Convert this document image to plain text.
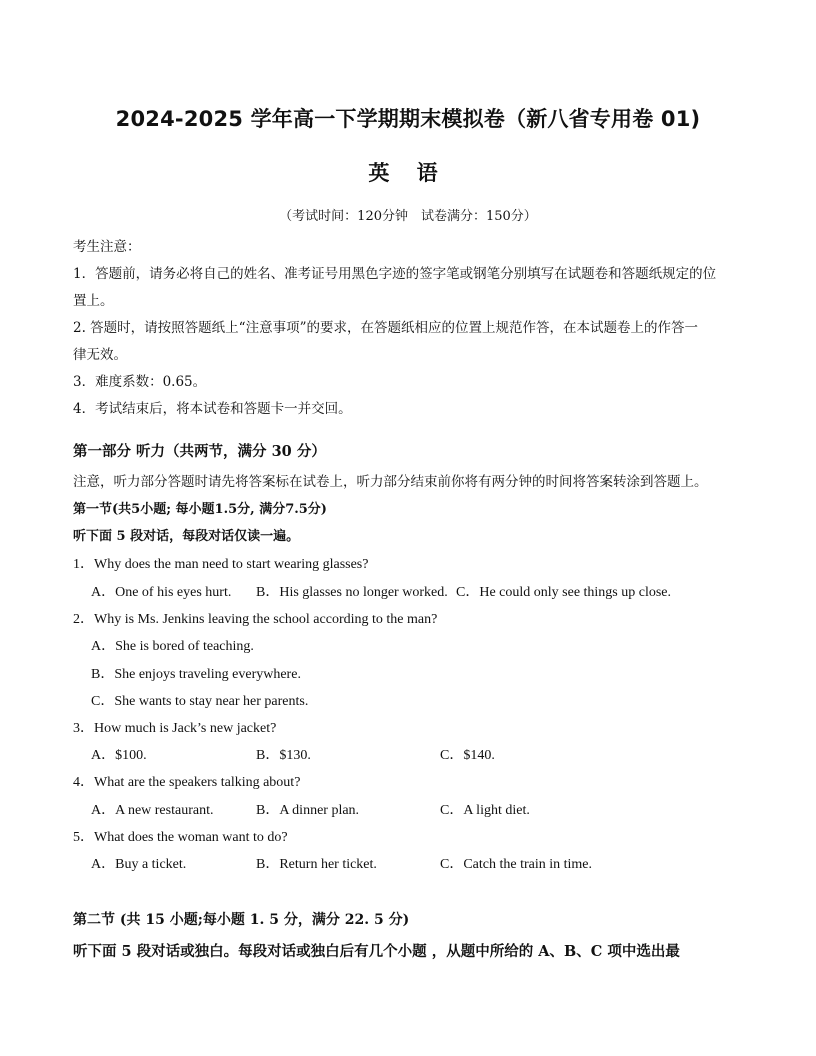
2024-2025 学年高一下学期期末模拟卷（新八省专用卷 01)
英 语
（考试时间：120分钟　试卷满分：150分）
考生注意：
1．答题前，请务必将自己的姓名、准考证号用黑色字迹的签字笔或钢笔分别填写在试题卷和答题纸规定的位
置上。
2. 答题时，请按照答题纸上“注意事项”的要求，在答题纸相应的位置上规范作答，在本试题卷上的作答一
律无效。
3．难度系数：0.65。
4．考试结束后，将本试卷和答题卡一并交回。
第一部分 听力（共两节，满分 30 分）
注意，听力部分答题时请先将答案标在试卷上，听力部分结束前你将有两分钟的时间将答案转涂到答题上。
第一节(共5小题; 每小题1.5分, 满分7.5分)
听下面 5 段对话，每段对话仅读一遍。
1．Why does the man need to start wearing glasses?
A．One of his eyes hurt. B．His glasses no longer worked. C．He could only see things up close.
2．Why is Ms. Jenkins leaving the school according to the man?
A．She is bored of teaching.
B．She enjoys traveling everywhere.
C．She wants to stay near her parents.
3．How much is Jack’s new jacket?
A．$100.	B．$130.	C．$140.
4．What are the speakers talking about?
A．A new restaurant.	B．A dinner plan.	C．A light diet.
5．What does the woman want to do?
A．Buy a ticket.	B．Return her ticket.	C．Catch the train in time.
第二节 (共 15 小题;每小题 1. 5 分，满分 22. 5 分)
听下面 5 段对话或独白。每段对话或独白后有几个小题 ，从题中所给的 A、B、C 项中选出最
